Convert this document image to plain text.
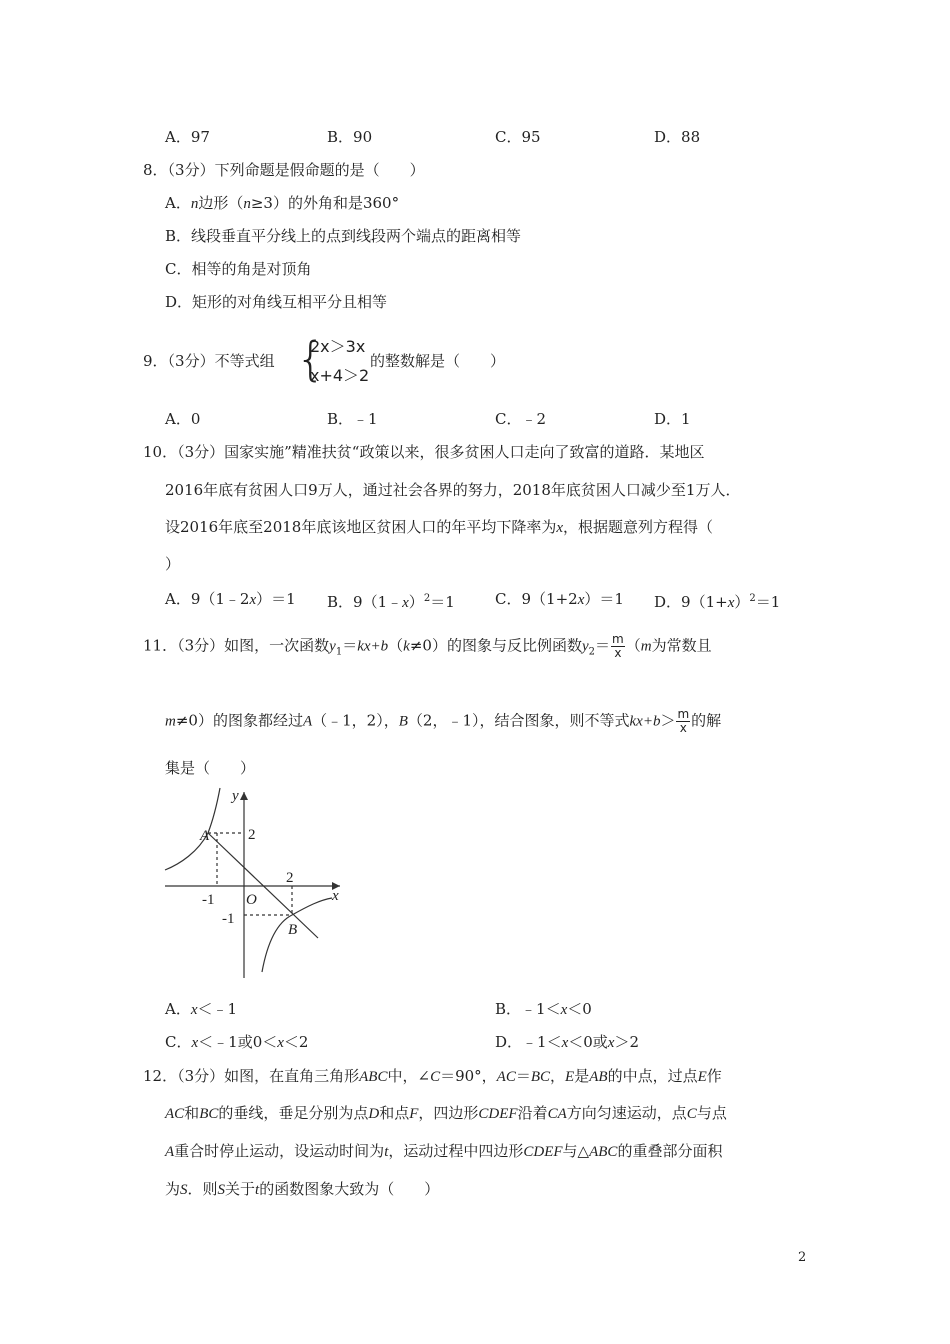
A．97	B．90	C．95	D．88
8．（3分）下列命题是假命题的是（　　）
A．n边形（n≥3）的外角和是360°
B．线段垂直平分线上的点到线段两个端点的距离相等
C．相等的角是对顶角
D．矩形的对角线互相平分且相等
9．（3分）不等式组 {
2x＞3x
x+4＞2
的整数解是（　　）
A．0	B．﹣1	C．﹣2	D．1
10．（3分）国家实施”精准扶贫“政策以来，很多贫困人口走向了致富的道路．某地区
2016年底有贫困人口9万人，通过社会各界的努力，2018年底贫困人口减少至1万人．
设2016年底至2018年底该地区贫困人口的年平均下降率为x，根据题意列方程得（
）
A．9（1﹣2x）＝1 B．9（1﹣x）$^2$＝1	C．9（1+2x）＝1 D．$9(1+x)^2=1$
11．（3分）如图，一次函数$y_1=kx+b(k\ne 0)$的图象与反比例函数$y_2= \frac{m}{x} (m$为常数且
m≠0）的图象都经过A（﹣1，2），B（2，﹣1），结合图象，则不等式$kx+b> \frac{m}{x}$ 的解
集是（　　）
y
x
A
B
O
2
2
-1
-1
A．x＜﹣1	B．﹣1＜x＜0
C．x＜﹣1或0＜x＜2	D．﹣1＜x＜0或x＞2
12．（3分）如图，在直角三角形ABC中，∠C＝90°，AC＝BC，E是AB的中点，过点E作
AC和BC的垂线，垂足分别为点D和点F，四边形CDEF沿着CA方向匀速运动，点C与点
A重合时停止运动，设运动时间为t，运动过程中四边形CDEF与△ABC的重叠部分面积
为S．则S关于t的函数图象大致为（　　）
2
